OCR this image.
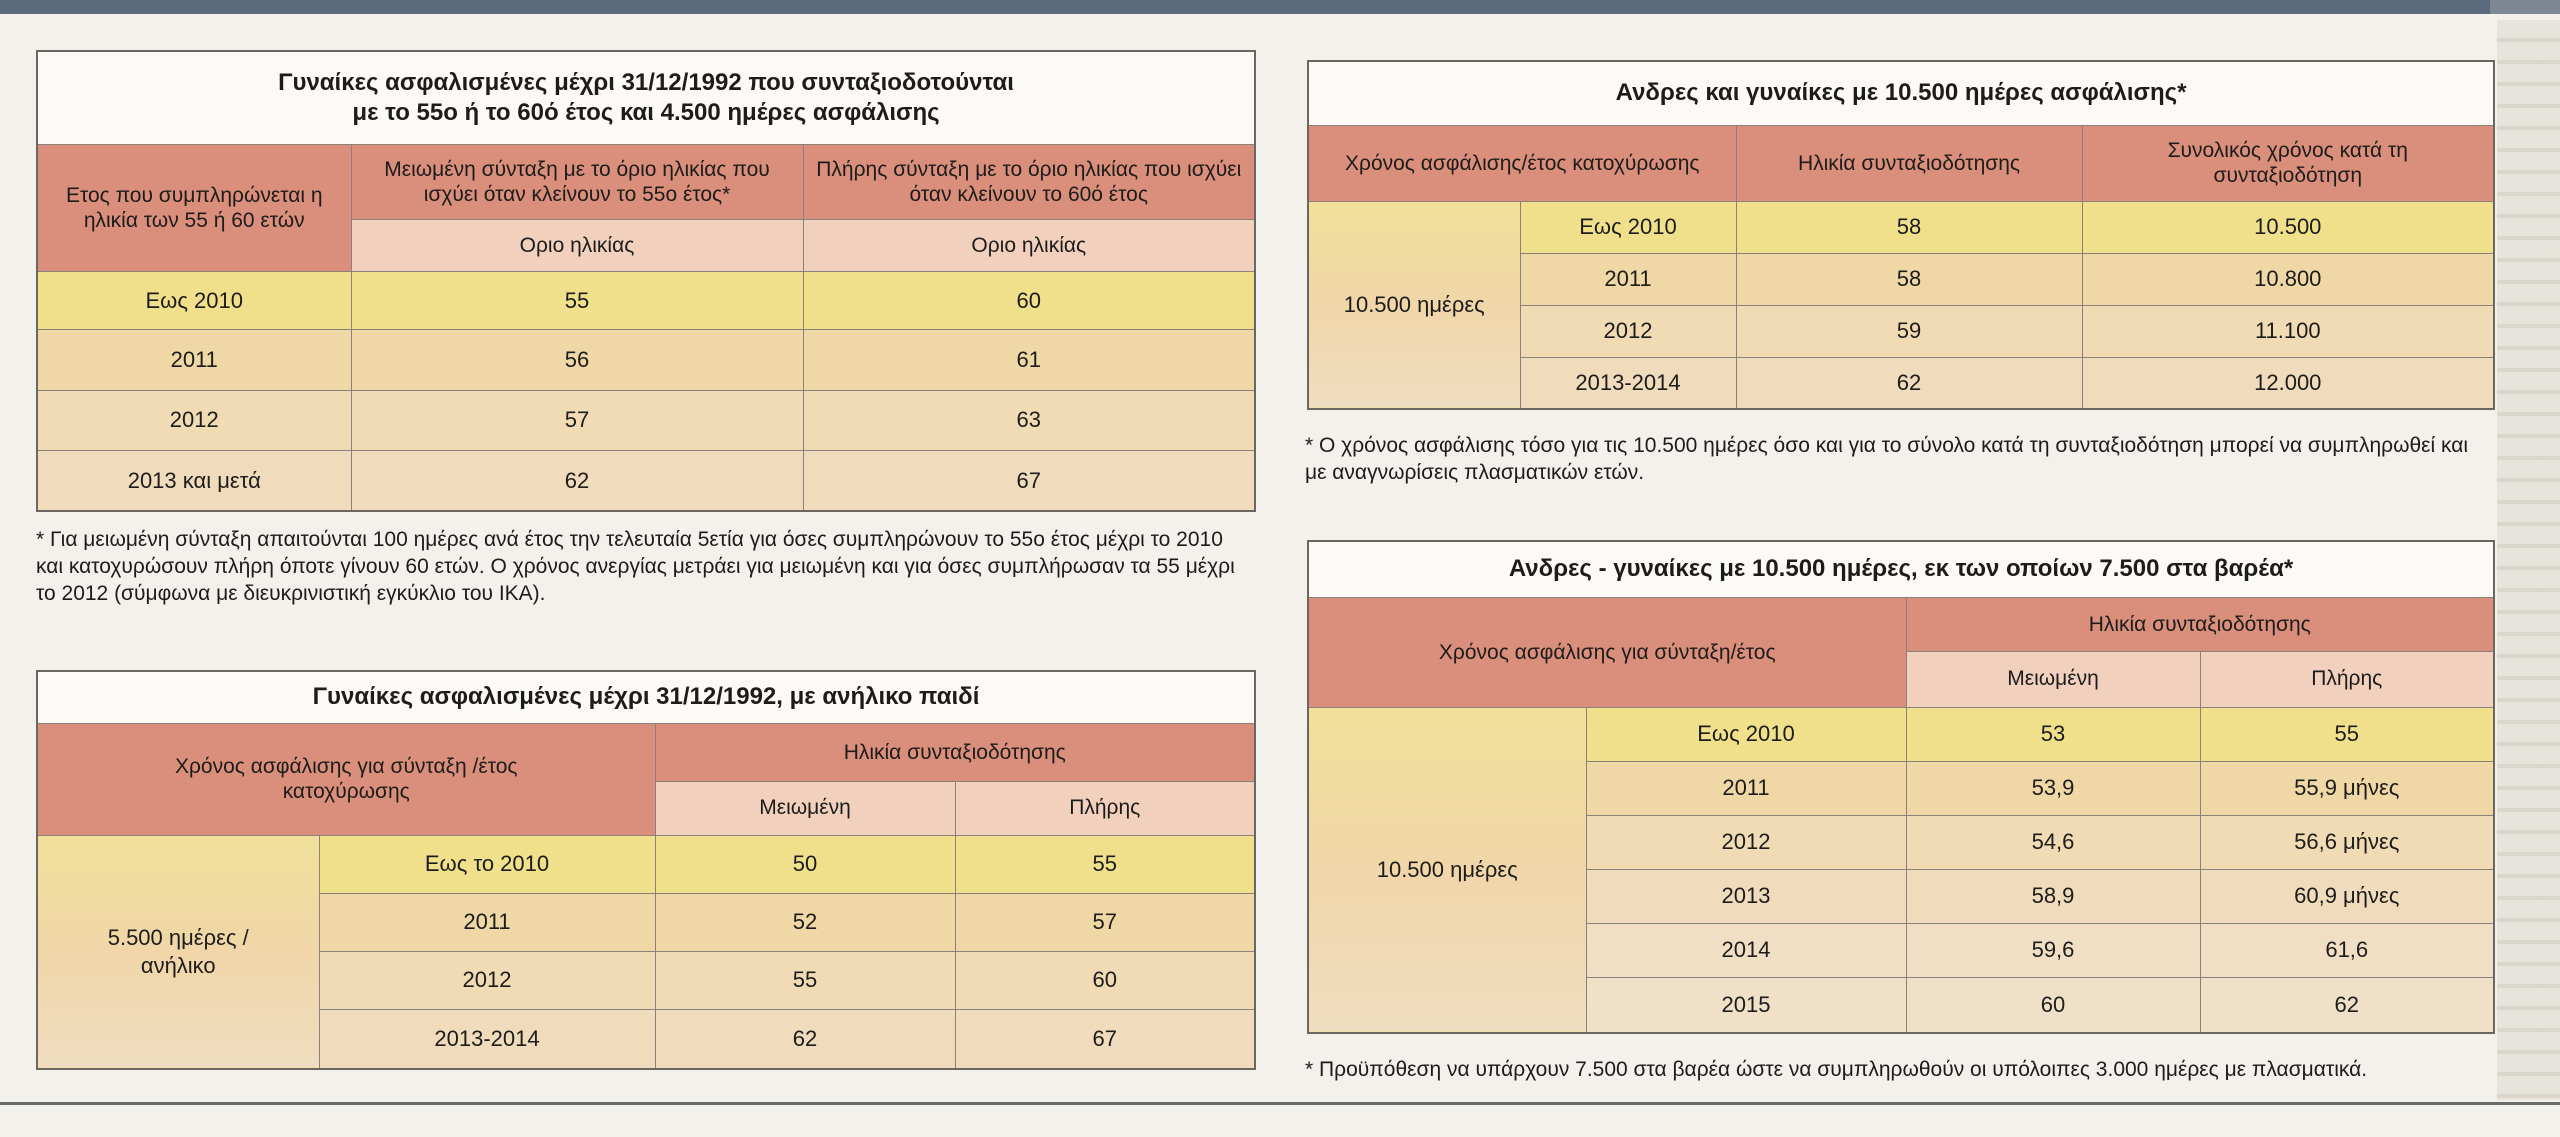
Γυναίκες ασφαλισμένες μέχρι 31/12/1992 που συνταξιοδοτούνται
με το 55ο ή το 60ό έτος και 4.500 ημέρες ασφάλισης		

Ετος που συμπληρώνεται η ηλικία των 55 ή 60 ετών	Μειωμένη σύνταξη με το όριο ηλικίας που ισχύει όταν κλείνουν το 55ο έτος*	Πλήρης σύνταξη με το όριο ηλικίας που ισχύει όταν κλείνουν το 60ό έτος
	Οριο ηλικίας	Οριο ηλικίας
Εως 2010	55	60
2011	56	61
2012	57	63
2013 και μετά	62	67

* Για μειωμένη σύνταξη απαιτούνται 100 ημέρες ανά έτος την τελευταία 5ετία για όσες συμπληρώνουν το 55ο έτος μέχρι το 2010 και κατοχυρώσουν πλήρη όποτε γίνουν 60 ετών. Ο χρόνος ανεργίας μετράει για μειωμένη και για όσες συμπλήρωσαν τα 55 μέχρι το 2012 (σύμφωνα με διευκρινιστική εγκύκλιο του ΙΚΑ).

Γυναίκες ασφαλισμένες μέχρι 31/12/1992, με ανήλικο παιδί			

Χρόνος ασφάλισης για σύνταξη /έτος κατοχύρωσης		Ηλικία συνταξιοδότησης	
		Μειωμένη	Πλήρης

5.500 ημέρες /ανήλικο	Εως το 2010	50	55
	2011	52	57
	2012	55	60
	2013-2014	62	67
Ανδρες και γυναίκες με 10.500 ημέρες ασφάλισης*			
Χρόνος ασφάλισης/έτος κατοχύρωσης		Ηλικία συνταξιοδότησης	Συνολικός χρόνος κατά τη συνταξιοδότηση

10.500 ημέρες	Εως 2010	58	10.500
	2011	58	10.800
	2012	59	11.100
	2013-2014	62	12.000

* Ο χρόνος ασφάλισης τόσο για τις 10.500 ημέρες όσο και για το σύνολο κατά τη συνταξιοδότηση μπορεί να συμπληρωθεί και με αναγνωρίσεις πλασματικών ετών.

Ανδρες - γυναίκες με 10.500 ημέρες, εκ των οποίων 7.500 στα βαρέα*			
Χρόνος ασφάλισης για σύνταξη/έτος		Ηλικία συνταξιοδότησης	
		Μειωμένη	Πλήρης
10.500 ημέρες	Εως 2010	53	55
	2011	53,9	55,9 μήνες
	2012	54,6	56,6 μήνες
	2013	58,9	60,9 μήνες
	2014	59,6	61,6
	2015	60	62

* Προϋπόθεση να υπάρχουν 7.500 στα βαρέα ώστε να συμπληρωθούν οι υπόλοιπες 3.000 ημέρες με πλασματικά.
